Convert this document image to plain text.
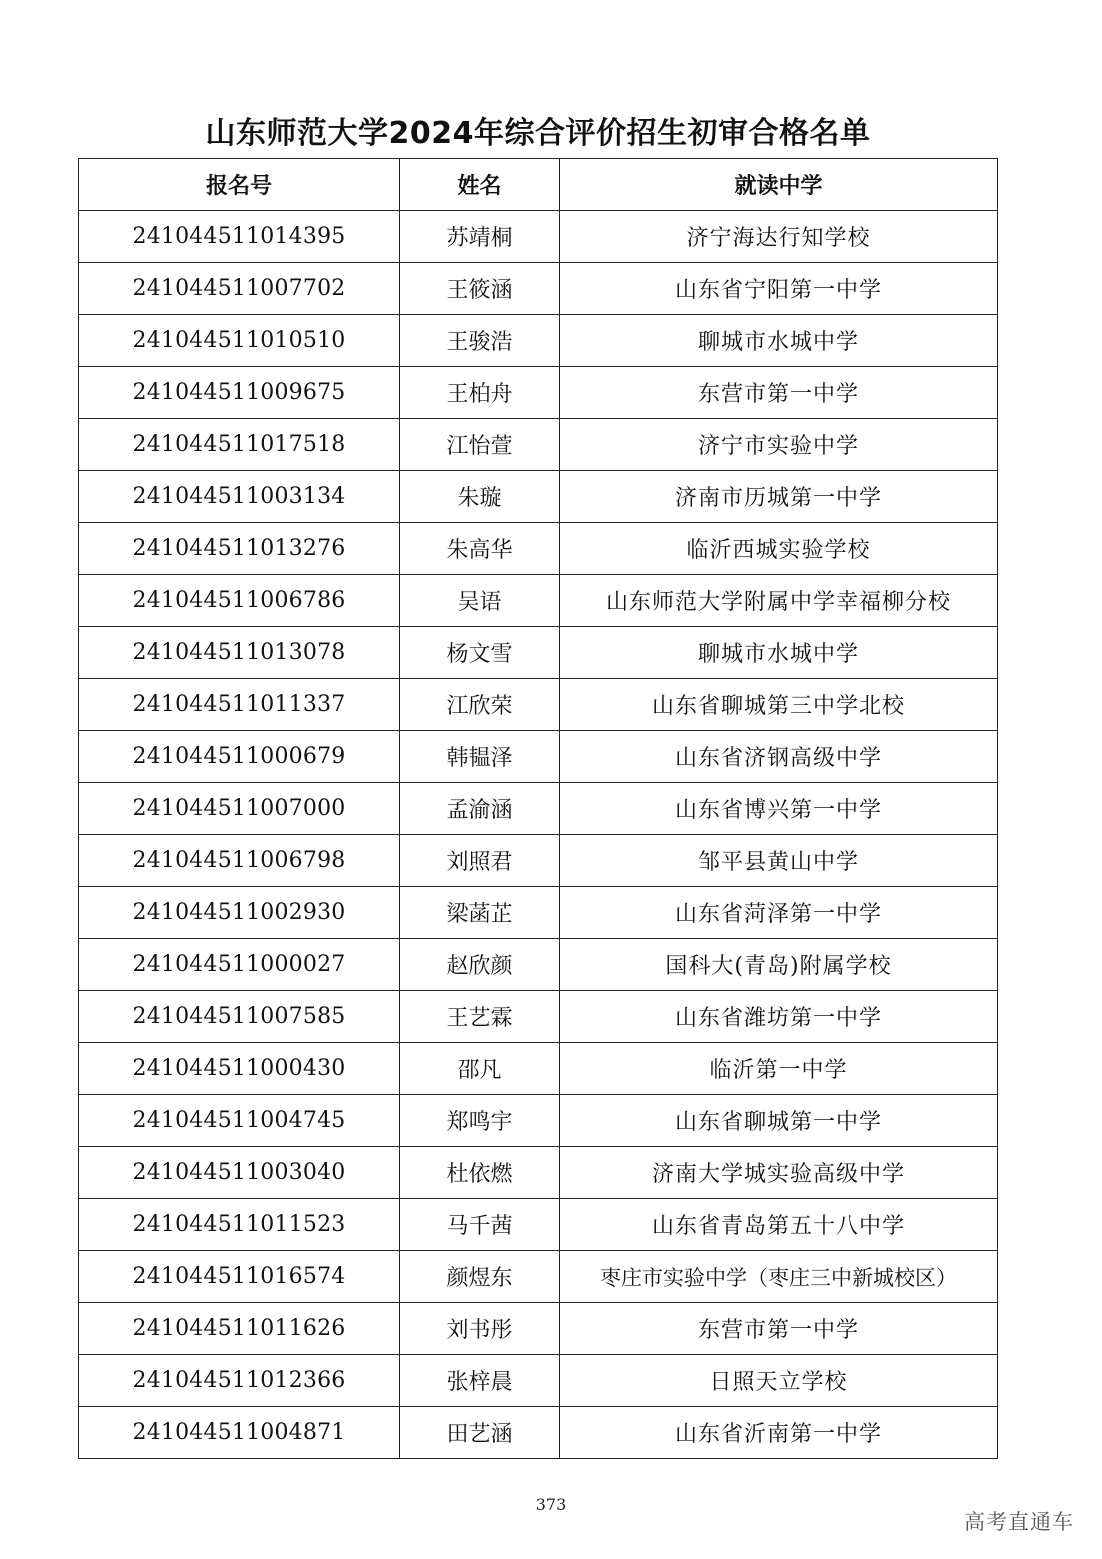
山东师范大学2024年综合评价招生初审合格名单
报名号	姓名	就读中学
241044511014395	苏靖桐	济宁海达行知学校
241044511007702	王筱涵	山东省宁阳第一中学
241044511010510	王骏浩	聊城市水城中学
241044511009675	王柏舟	东营市第一中学
241044511017518	江怡萱	济宁市实验中学
241044511003134	朱璇	济南市历城第一中学
241044511013276	朱高华	临沂西城实验学校
241044511006786	吴语	山东师范大学附属中学幸福柳分校
241044511013078	杨文雪	聊城市水城中学
241044511011337	江欣荣	山东省聊城第三中学北校
241044511000679	韩韫泽	山东省济钢高级中学
241044511007000	孟渝涵	山东省博兴第一中学
241044511006798	刘照君	邹平县黄山中学
241044511002930	梁菡芷	山东省菏泽第一中学
241044511000027	赵欣颜	国科大(青岛)附属学校
241044511007585	王艺霖	山东省潍坊第一中学
241044511000430	邵凡	临沂第一中学
241044511004745	郑鸣宇	山东省聊城第一中学
241044511003040	杜依燃	济南大学城实验高级中学
241044511011523	马千茜	山东省青岛第五十八中学
241044511016574	颜煜东	枣庄市实验中学（枣庄三中新城校区）
241044511011626	刘书彤	东营市第一中学
241044511012366	张梓晨	日照天立学校
241044511004871	田艺涵	山东省沂南第一中学
373
高考直通车
